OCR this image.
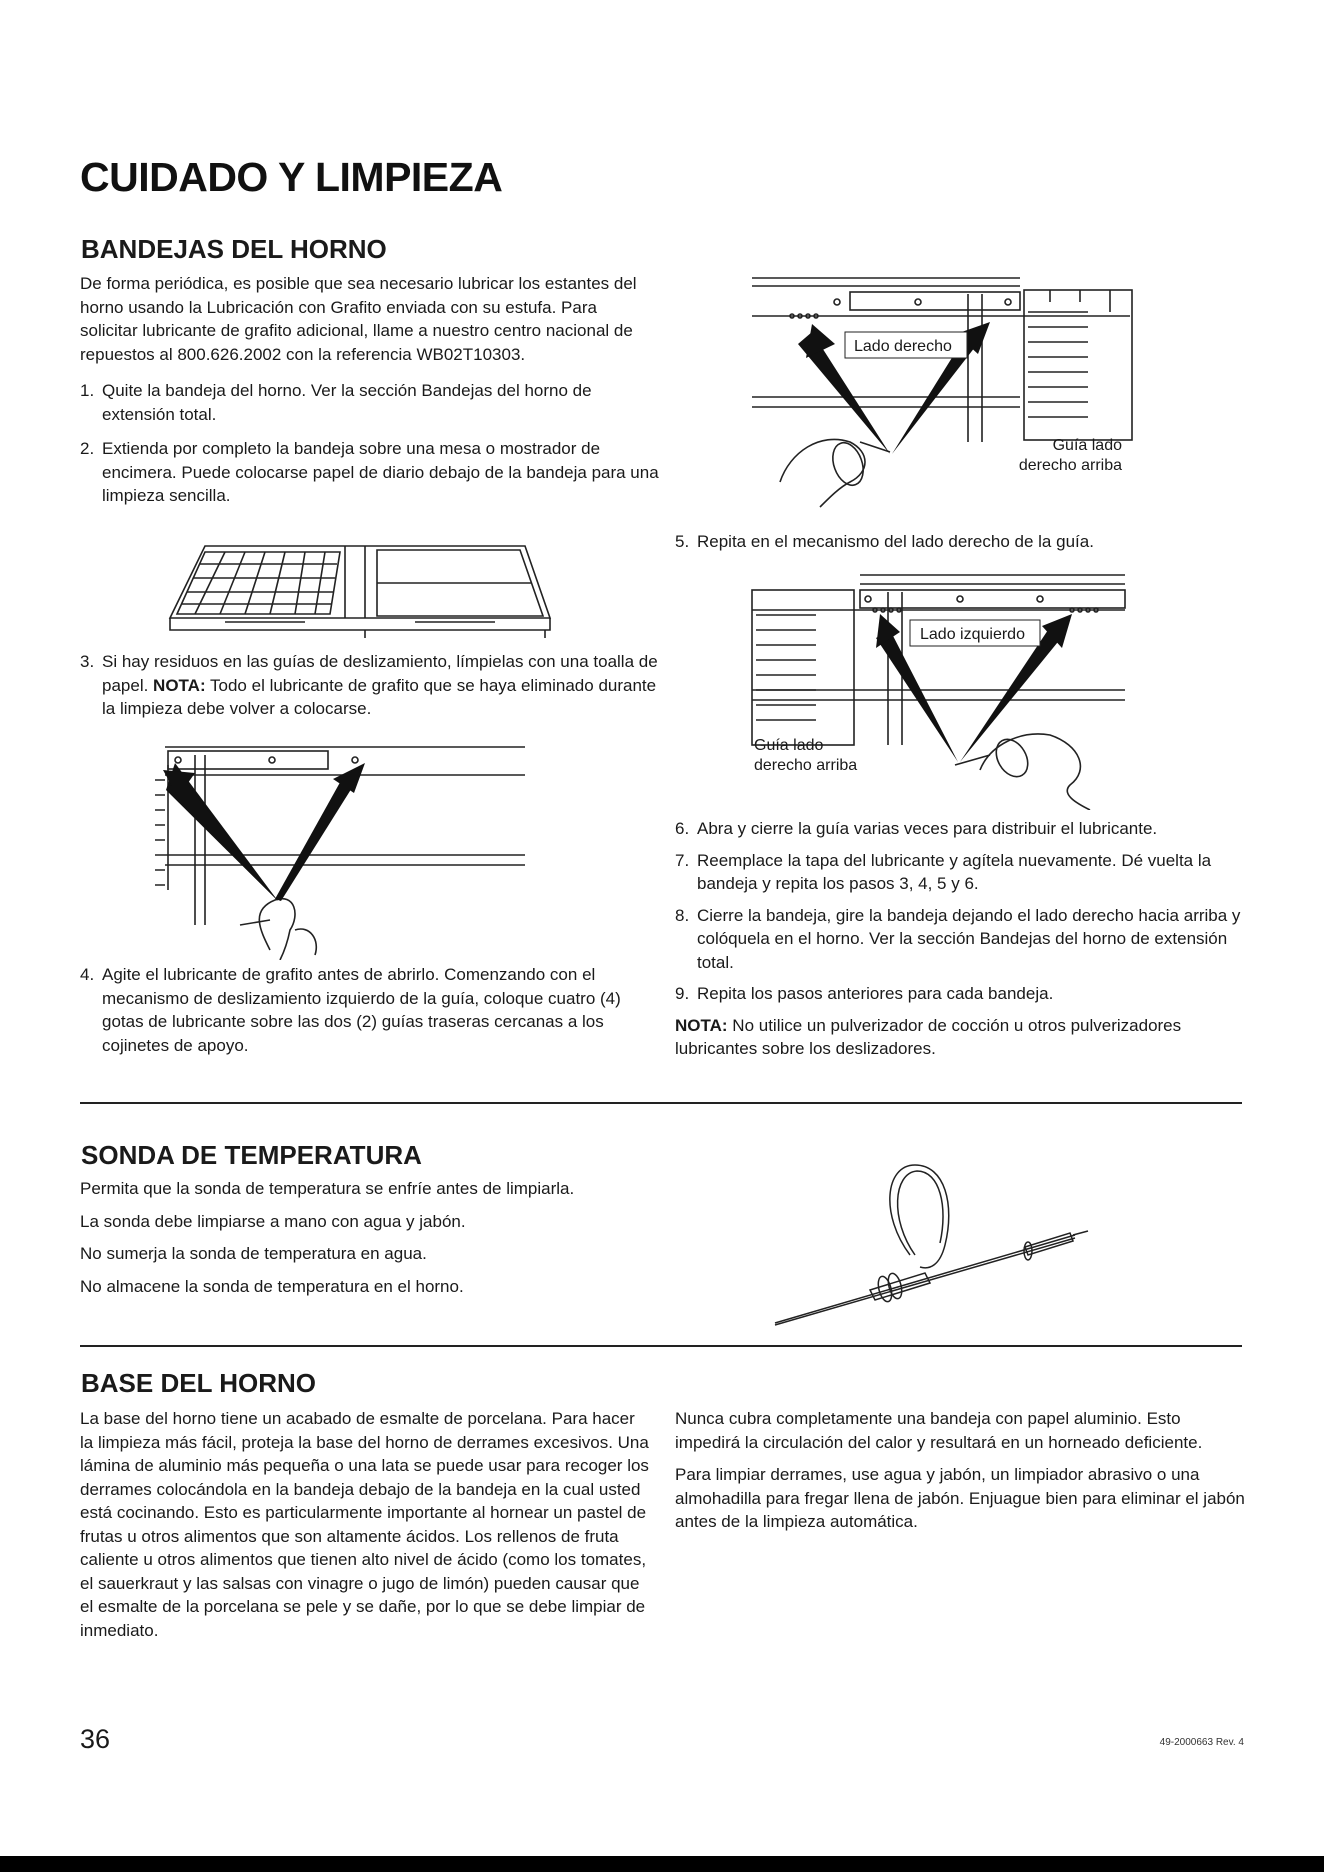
CUIDADO Y LIMPIEZA
BANDEJAS DEL HORNO

De forma periódica, es posible que sea necesario lubricar los estantes del horno usando la Lubricación con Grafito enviada con su estufa. Para solicitar lubricante de grafito adicional, llame a nuestro centro nacional de repuestos al 800.626.2002 con la referencia WB02T10303.

1. Quite la bandeja del horno. Ver la sección Bandejas del horno de extensión total.
2. Extienda por completo la bandeja sobre una mesa o mostrador de encimera. Puede colocarse papel de diario debajo de la bandeja para una limpieza sencilla.
3. Si hay residuos en las guías de deslizamiento, límpielas con una toalla de papel. NOTA: Todo el lubricante de grafito que se haya eliminado durante la limpieza debe volver a colocarse.
4. Agite el lubricante de grafito antes de abrirlo. Comenzando con el mecanismo de deslizamiento izquierdo de la guía, coloque cuatro (4) gotas de lubricante sobre las dos (2) guías traseras cercanas a los cojinetes de apoyo.
Lado derecho
Guía lado
derecho arriba
5. Repita en el mecanismo del lado derecho de la guía.
Lado izquierdo
Guía lado
derecho arriba
6. Abra y cierre la guía varias veces para distribuir el lubricante.
7. Reemplace la tapa del lubricante y agítela nuevamente. Dé vuelta la bandeja y repita los pasos 3, 4, 5 y 6.
8. Cierre la bandeja, gire la bandeja dejando el lado derecho hacia arriba y colóquela en el horno. Ver la sección Bandejas del horno de extensión total.
9. Repita los pasos anteriores para cada bandeja.

NOTA: No utilice un pulverizador de cocción u otros pulverizadores lubricantes sobre los deslizadores.

SONDA DE TEMPERATURA

Permita que la sonda de temperatura se enfríe antes de limpiarla.

La sonda debe limpiarse a mano con agua y jabón.

No sumerja la sonda de temperatura en agua.

No almacene la sonda de temperatura en el horno.

BASE DEL HORNO

La base del horno tiene un acabado de esmalte de porcelana. Para hacer la limpieza más fácil, proteja la base del horno de derrames excesivos. Una lámina de aluminio más pequeña o una lata se puede usar para recoger los derrames colocándola en la bandeja debajo de la bandeja en la cual usted está cocinando. Esto es particularmente importante al hornear un pastel de frutas u otros alimentos que son altamente ácidos. Los rellenos de fruta caliente u otros alimentos que tienen alto nivel de ácido (como los tomates, el sauerkraut y las salsas con vinagre o jugo de limón) pueden causar que el esmalte de la porcelana se pele y se dañe, por lo que se debe limpiar de inmediato.

Nunca cubra completamente una bandeja con papel aluminio. Esto impedirá la circulación del calor y resultará en un horneado deficiente.

Para limpiar derrames, use agua y jabón, un limpiador abrasivo o una almohadilla para fregar llena de jabón. Enjuague bien para eliminar el jabón antes de la limpieza automática.

36	49-2000663 Rev. 4
